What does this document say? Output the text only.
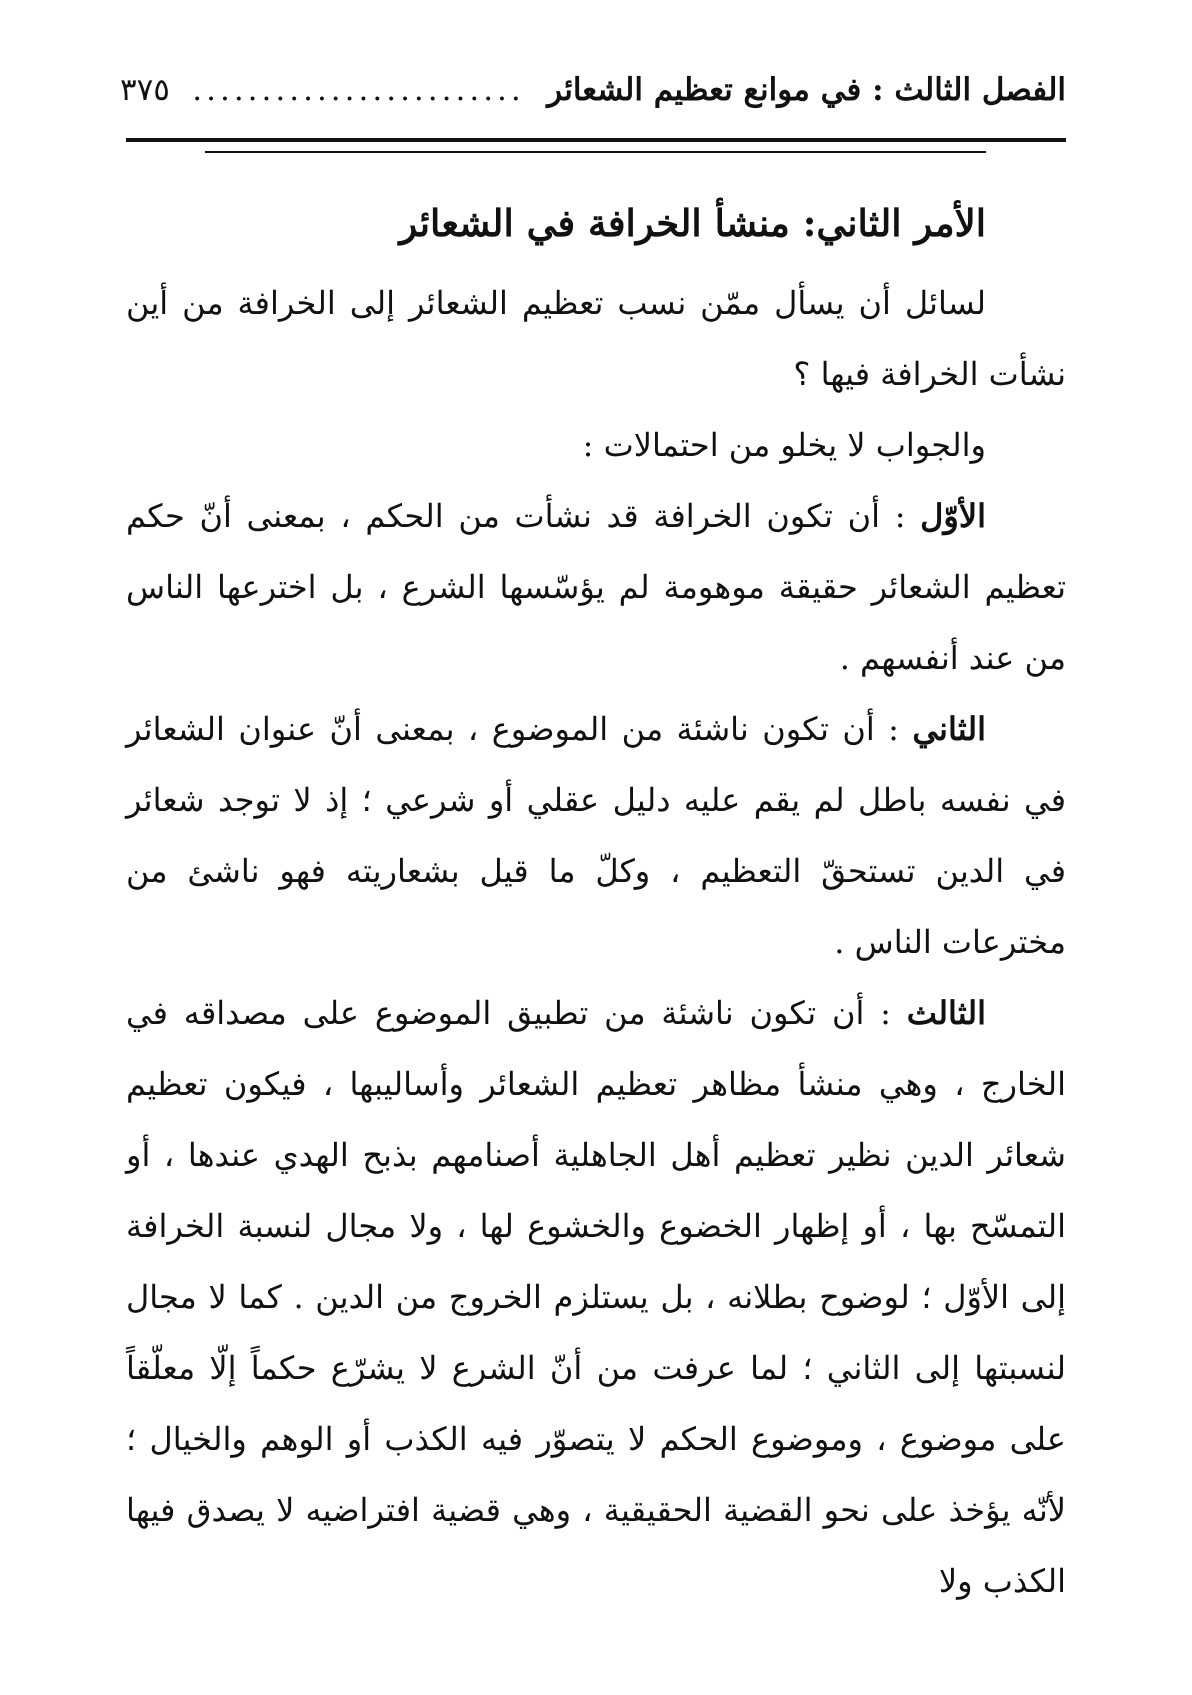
الفصل الثالث : في موانع تعظيم الشعائر
........................
٣٧٥
الأمر الثاني: منشأ الخرافة في الشعائر

لسائل أن يسأل ممّن نسب تعظيم الشعائر إلى الخرافة من أين نشأت الخرافة فيها ؟

والجواب لا يخلو من احتمالات :

الأوّل : أن تكون الخرافة قد نشأت من الحكم ، بمعنى أنّ حكم تعظيم الشعائر حقيقة موهومة لم يؤسّسها الشرع ، بل اخترعها الناس من عند أنفسهم .

الثاني : أن تكون ناشئة من الموضوع ، بمعنى أنّ عنوان الشعائر في نفسه باطل لم يقم عليه دليل عقلي أو شرعي ؛ إذ لا توجد شعائر في الدين تستحقّ التعظيم ، وكلّ ما قيل بشعاريته فهو ناشئ من مخترعات الناس .

الثالث : أن تكون ناشئة من تطبيق الموضوع على مصداقه في الخارج ، وهي منشأ مظاهر تعظيم الشعائر وأساليبها ، فيكون تعظيم شعائر الدين نظير تعظيم أهل الجاهلية أصنامهم بذبح الهدي عندها ، أو التمسّح بها ، أو إظهار الخضوع والخشوع لها ، ولا مجال لنسبة الخرافة إلى الأوّل ؛ لوضوح بطلانه ، بل يستلزم الخروج من الدين . كما لا مجال لنسبتها إلى الثاني ؛ لما عرفت من أنّ الشرع لا يشرّع حكماً إلّا معلّقاً على موضوع ، وموضوع الحكم لا يتصوّر فيه الكذب أو الوهم والخيال ؛ لأنّه يؤخذ على نحو القضية الحقيقية ، وهي قضية افتراضيه لا يصدق فيها الكذب ولا
